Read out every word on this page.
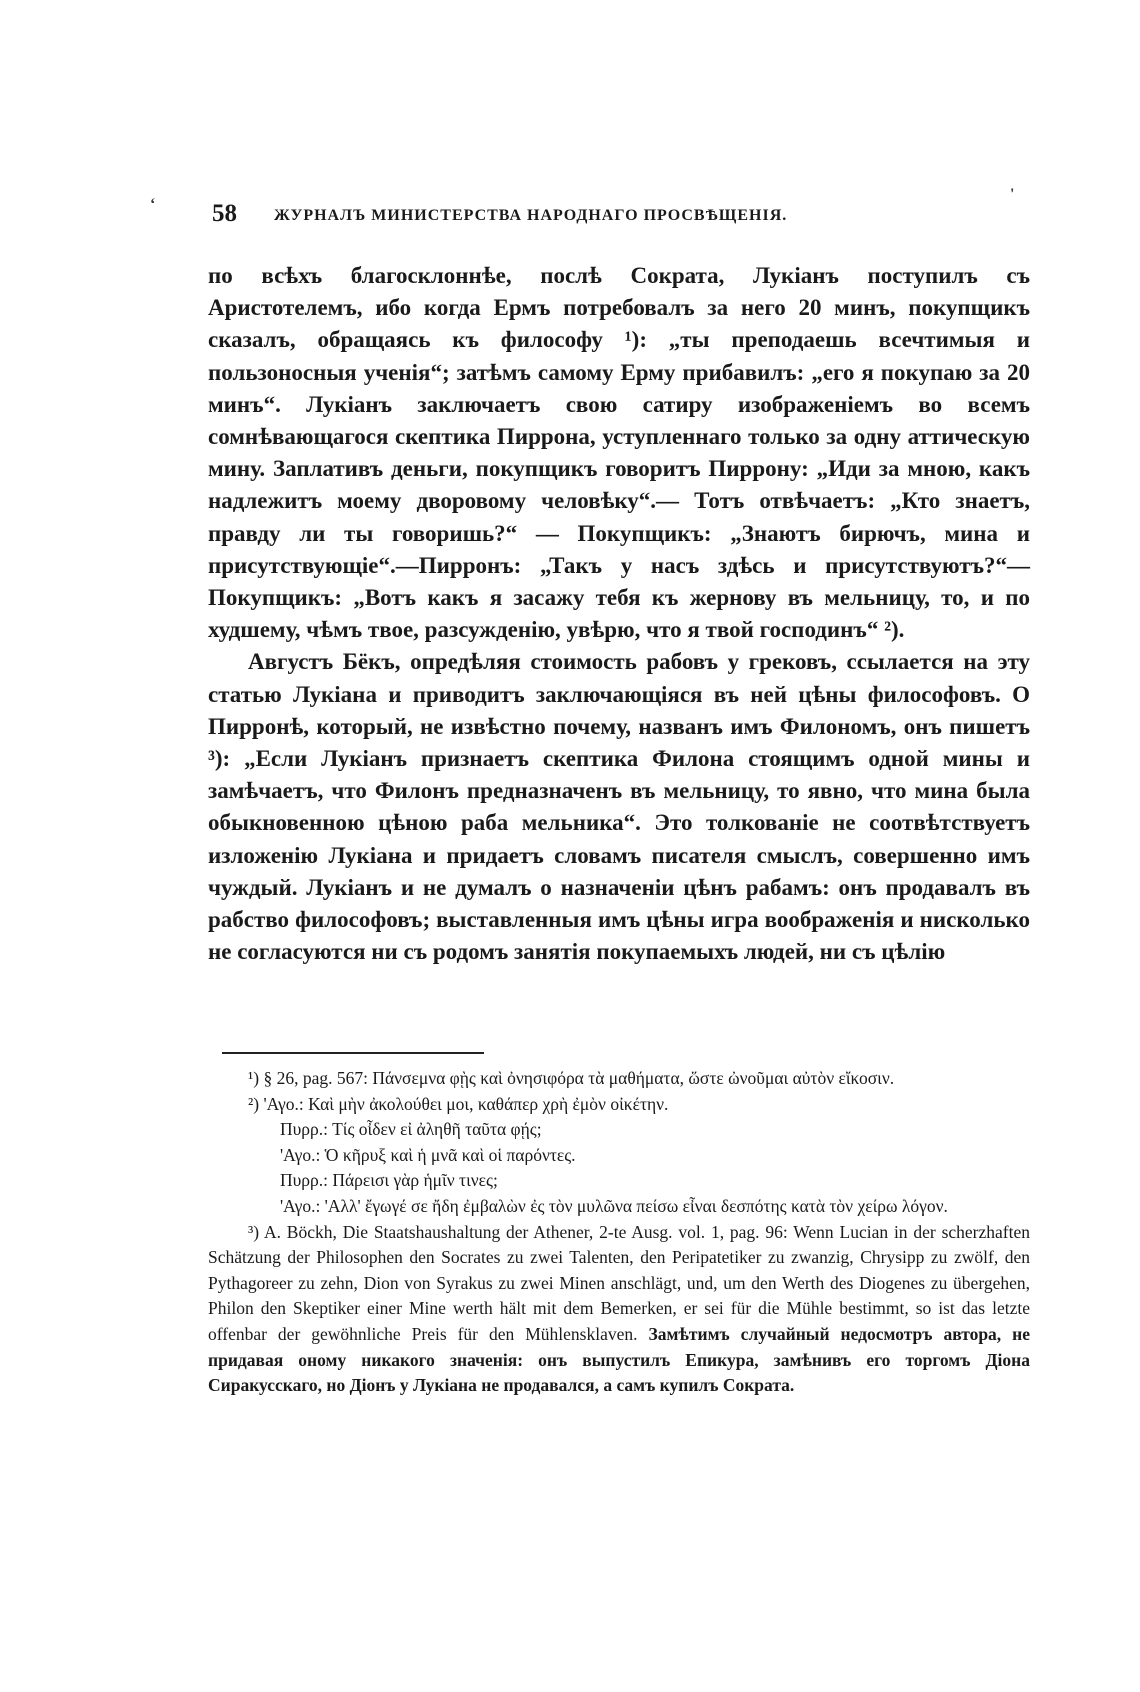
58 ЖУРНАЛЪ МИНИСТЕРСТВА НАРОДНАГО ПРОСВѢЩЕНІЯ.
‘
'

по всѣхъ благосклоннѣе, послѣ Сократа, Лукіанъ поступилъ съ Аристотелемъ, ибо когда Ермъ потребовалъ за него 20 минъ, покупщикъ сказалъ, обращаясь къ философу ¹): „ты преподаешь всечтимыя и пользоносныя ученія“; затѣмъ самому Ерму прибавилъ: „его я покупаю за 20 минъ“. Лукіанъ заключаетъ свою сатиру изображеніемъ во всемъ сомнѣвающагося скептика Пиррона, уступленнаго только за одну аттическую мину. Заплативъ деньги, покупщикъ говоритъ Пиррону: „Иди за мною, какъ надлежитъ моему дворовому человѣку“.— Тотъ отвѣчаетъ: „Кто знаетъ, правду ли ты говоришь?“ — Покупщикъ: „Знаютъ бирючъ, мина и присутствующіе“.—Пирронъ: „Такъ у насъ здѣсь и присутствуютъ?“—Покупщикъ: „Вотъ какъ я засажу тебя къ жернову въ мельницу, то, и по худшему, чѣмъ твое, разсужденію, увѣрю, что я твой господинъ“ ²).

Августъ Бёкъ, опредѣляя стоимость рабовъ у грековъ, ссылается на эту статью Лукіана и приводитъ заключающіяся въ ней цѣны философовъ. О Пирронѣ, который, не извѣстно почему, названъ имъ Филономъ, онъ пишетъ ³): „Если Лукіанъ признаетъ скептика Филона стоящимъ одной мины и замѣчаетъ, что Филонъ предназначенъ въ мельницу, то явно, что мина была обыкновенною цѣною раба мельника“. Это толкованіе не соотвѣтствуетъ изложенію Лукіана и придаетъ словамъ писателя смыслъ, совершенно имъ чуждый. Лукіанъ и не думалъ о назначеніи цѣнъ рабамъ: онъ продавалъ въ рабство философовъ; выставленныя имъ цѣны игра воображенія и нисколько не согласуются ни съ родомъ занятія покупаемыхъ людей, ни съ цѣлію

¹) § 26, pag. 567: Πάνσεμνα φῂς καὶ ὀνησιφόρα τὰ μαθήματα, ὥστε ὠνοῦμαι αὐτὸν εἴκοσιν.

²) 'Αγο.: Καὶ μὴν ἀκολούθει μοι, καθάπερ χρὴ ἐμὸν οἰκέτην.

Πυρρ.: Τίς οἶδεν εἰ ἀληθῆ ταῦτα φῄς;

'Αγο.: Ὁ κῆρυξ καὶ ἡ μνᾶ καὶ οἱ παρόντες.

Πυρρ.: Πάρεισι γὰρ ἡμῖν τινες;

'Αγο.: 'Αλλ' ἔγωγέ σε ἤδη ἐμβαλὼν ἐς τὸν μυλῶνα πείσω εἶναι δεσπότης κατὰ τὸν χείρω λόγον.

³) A. Böckh, Die Staatshaushaltung der Athener, 2-te Ausg. vol. 1, pag. 96: Wenn Lucian in der scherzhaften Schätzung der Philosophen den Socrates zu zwei Talenten, den Peripatetiker zu zwanzig, Chrysipp zu zwölf, den Pythagoreer zu zehn, Dion von Syrakus zu zwei Minen anschlägt, und, um den Werth des Diogenes zu übergehen, Philon den Skeptiker einer Mine werth hält mit dem Bemerken, er sei für die Mühle bestimmt, so ist das letzte offenbar der gewöhnliche Preis für den Mühlensklaven. Замѣтимъ случайный недосмотръ автора, не придавая оному никакого значенія: онъ выпустилъ Епикура, замѣнивъ его торгомъ Діона Сиракусскаго, но Діонъ у Лукіана не продавался, а самъ купилъ Сократа.
